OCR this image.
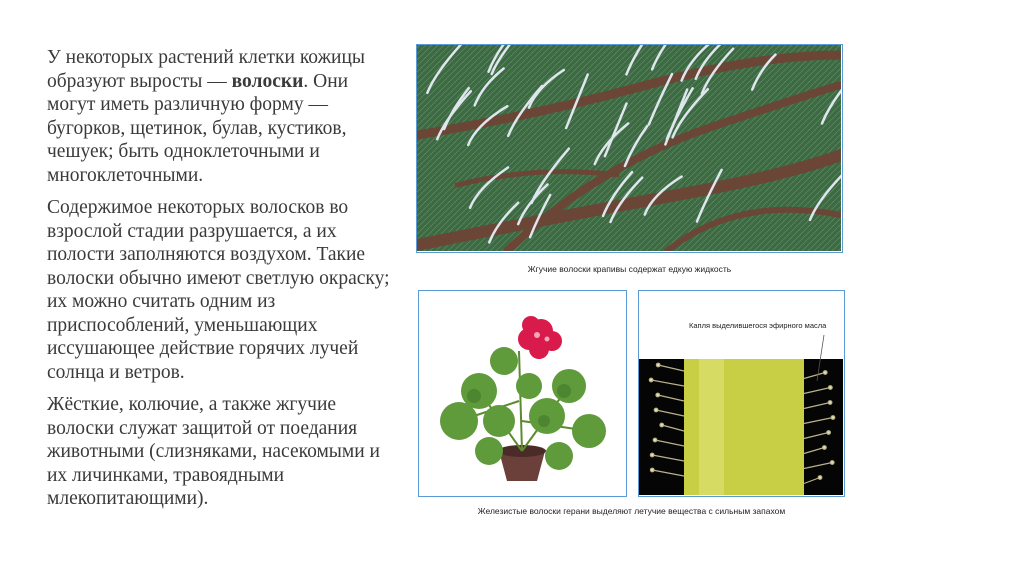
У некоторых растений клетки кожицы образуют выросты — волоски. Они могут иметь различную форму — бугорков, щетинок, булав, кустиков, чешуек; быть одноклеточными и многоклеточными.

Содержимое некоторых волосков во взрослой стадии разрушается, а их полости заполняются воздухом. Такие волоски обычно имеют светлую окраску; их можно считать одним из приспособлений, уменьшающих иссушающее действие горячих лучей солнца и ветров.

Жёсткие, колючие, а также жгучие волоски служат защитой от поедания животными (слизняками, насекомыми и их личинками, травоядными млекопитающими).

Жгучие волоски крапивы содержат едкую жидкость
Капля выделившегося эфирного масла
Железистые волоски герани выделяют летучие вещества с сильным запахом
